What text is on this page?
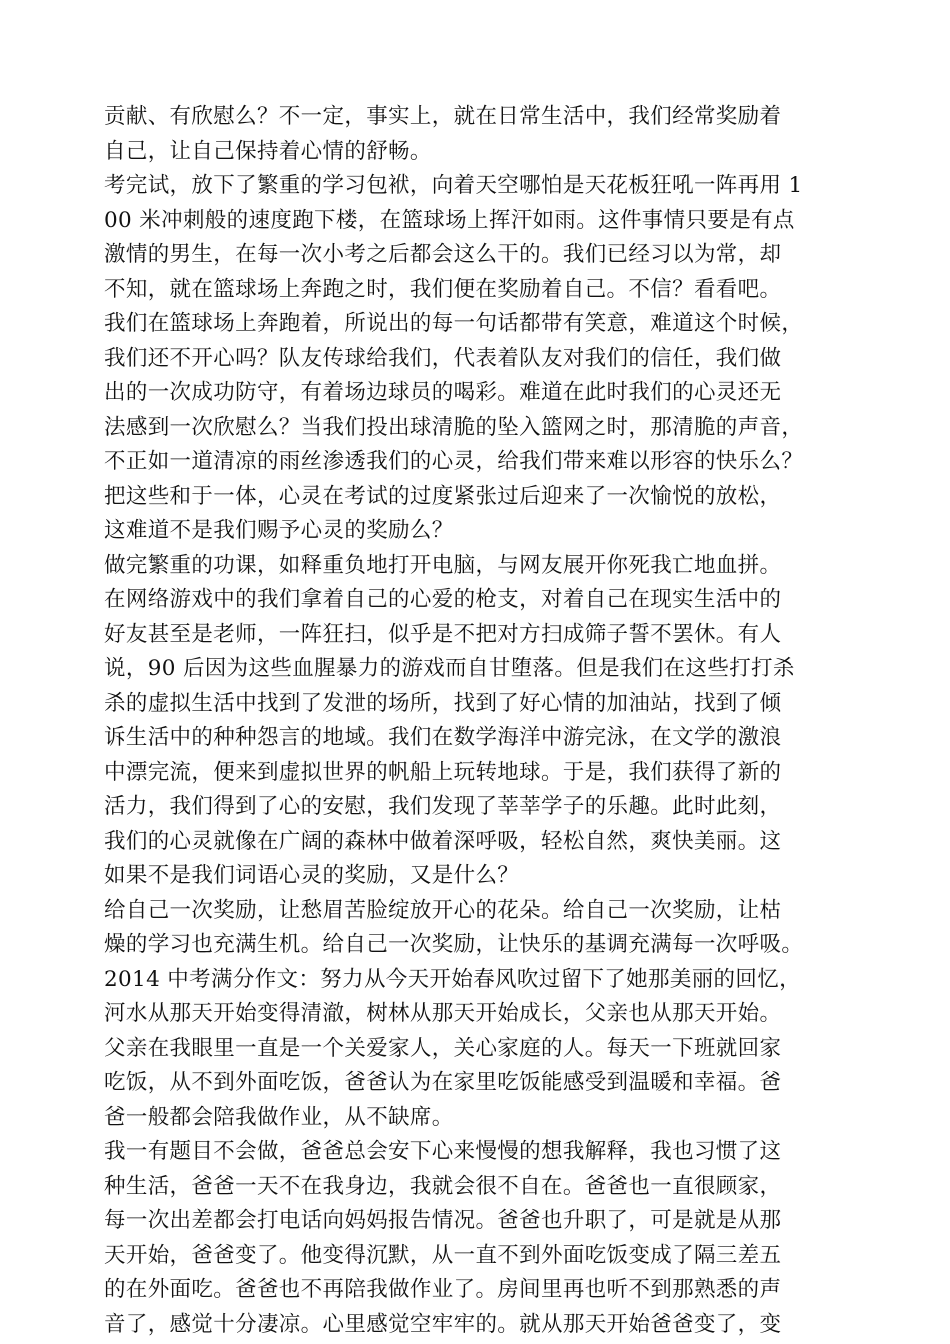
贡献、有欣慰么？不一定，事实上，就在日常生活中，我们经常奖励着
自己，让自己保持着心情的舒畅。
考完试，放下了繁重的学习包袱，向着天空哪怕是天花板狂吼一阵再用 1
00 米冲刺般的速度跑下楼，在篮球场上挥汗如雨。这件事情只要是有点
激情的男生，在每一次小考之后都会这么干的。我们已经习以为常，却
不知，就在篮球场上奔跑之时，我们便在奖励着自己。不信？看看吧。
我们在篮球场上奔跑着，所说出的每一句话都带有笑意，难道这个时候，
我们还不开心吗？队友传球给我们，代表着队友对我们的信任，我们做
出的一次成功防守，有着场边球员的喝彩。难道在此时我们的心灵还无
法感到一次欣慰么？当我们投出球清脆的坠入篮网之时，那清脆的声音，
不正如一道清凉的雨丝渗透我们的心灵，给我们带来难以形容的快乐么？
把这些和于一体，心灵在考试的过度紧张过后迎来了一次愉悦的放松，
这难道不是我们赐予心灵的奖励么？
做完繁重的功课，如释重负地打开电脑，与网友展开你死我亡地血拼。
在网络游戏中的我们拿着自己的心爱的枪支，对着自己在现实生活中的
好友甚至是老师，一阵狂扫，似乎是不把对方扫成筛子誓不罢休。有人
说，90 后因为这些血腥暴力的游戏而自甘堕落。但是我们在这些打打杀
杀的虚拟生活中找到了发泄的场所，找到了好心情的加油站，找到了倾
诉生活中的种种怨言的地域。我们在数学海洋中游完泳，在文学的激浪
中漂完流，便来到虚拟世界的帆船上玩转地球。于是，我们获得了新的
活力，我们得到了心的安慰，我们发现了莘莘学子的乐趣。此时此刻，
我们的心灵就像在广阔的森林中做着深呼吸，轻松自然，爽快美丽。这
如果不是我们词语心灵的奖励，又是什么？
给自己一次奖励，让愁眉苦脸绽放开心的花朵。给自己一次奖励，让枯
燥的学习也充满生机。给自己一次奖励，让快乐的基调充满每一次呼吸。
2014 中考满分作文：努力从今天开始春风吹过留下了她那美丽的回忆，
河水从那天开始变得清澈，树林从那天开始成长，父亲也从那天开始。
父亲在我眼里一直是一个关爱家人，关心家庭的人。每天一下班就回家
吃饭，从不到外面吃饭，爸爸认为在家里吃饭能感受到温暖和幸福。爸
爸一般都会陪我做作业，从不缺席。
我一有题目不会做，爸爸总会安下心来慢慢的想我解释，我也习惯了这
种生活，爸爸一天不在我身边，我就会很不自在。爸爸也一直很顾家，
每一次出差都会打电话向妈妈报告情况。爸爸也升职了，可是就是从那
天开始，爸爸变了。他变得沉默，从一直不到外面吃饭变成了隔三差五
的在外面吃。爸爸也不再陪我做作业了。房间里再也听不到那熟悉的声
音了，感觉十分凄凉。心里感觉空牢牢的。就从那天开始爸爸变了，变
